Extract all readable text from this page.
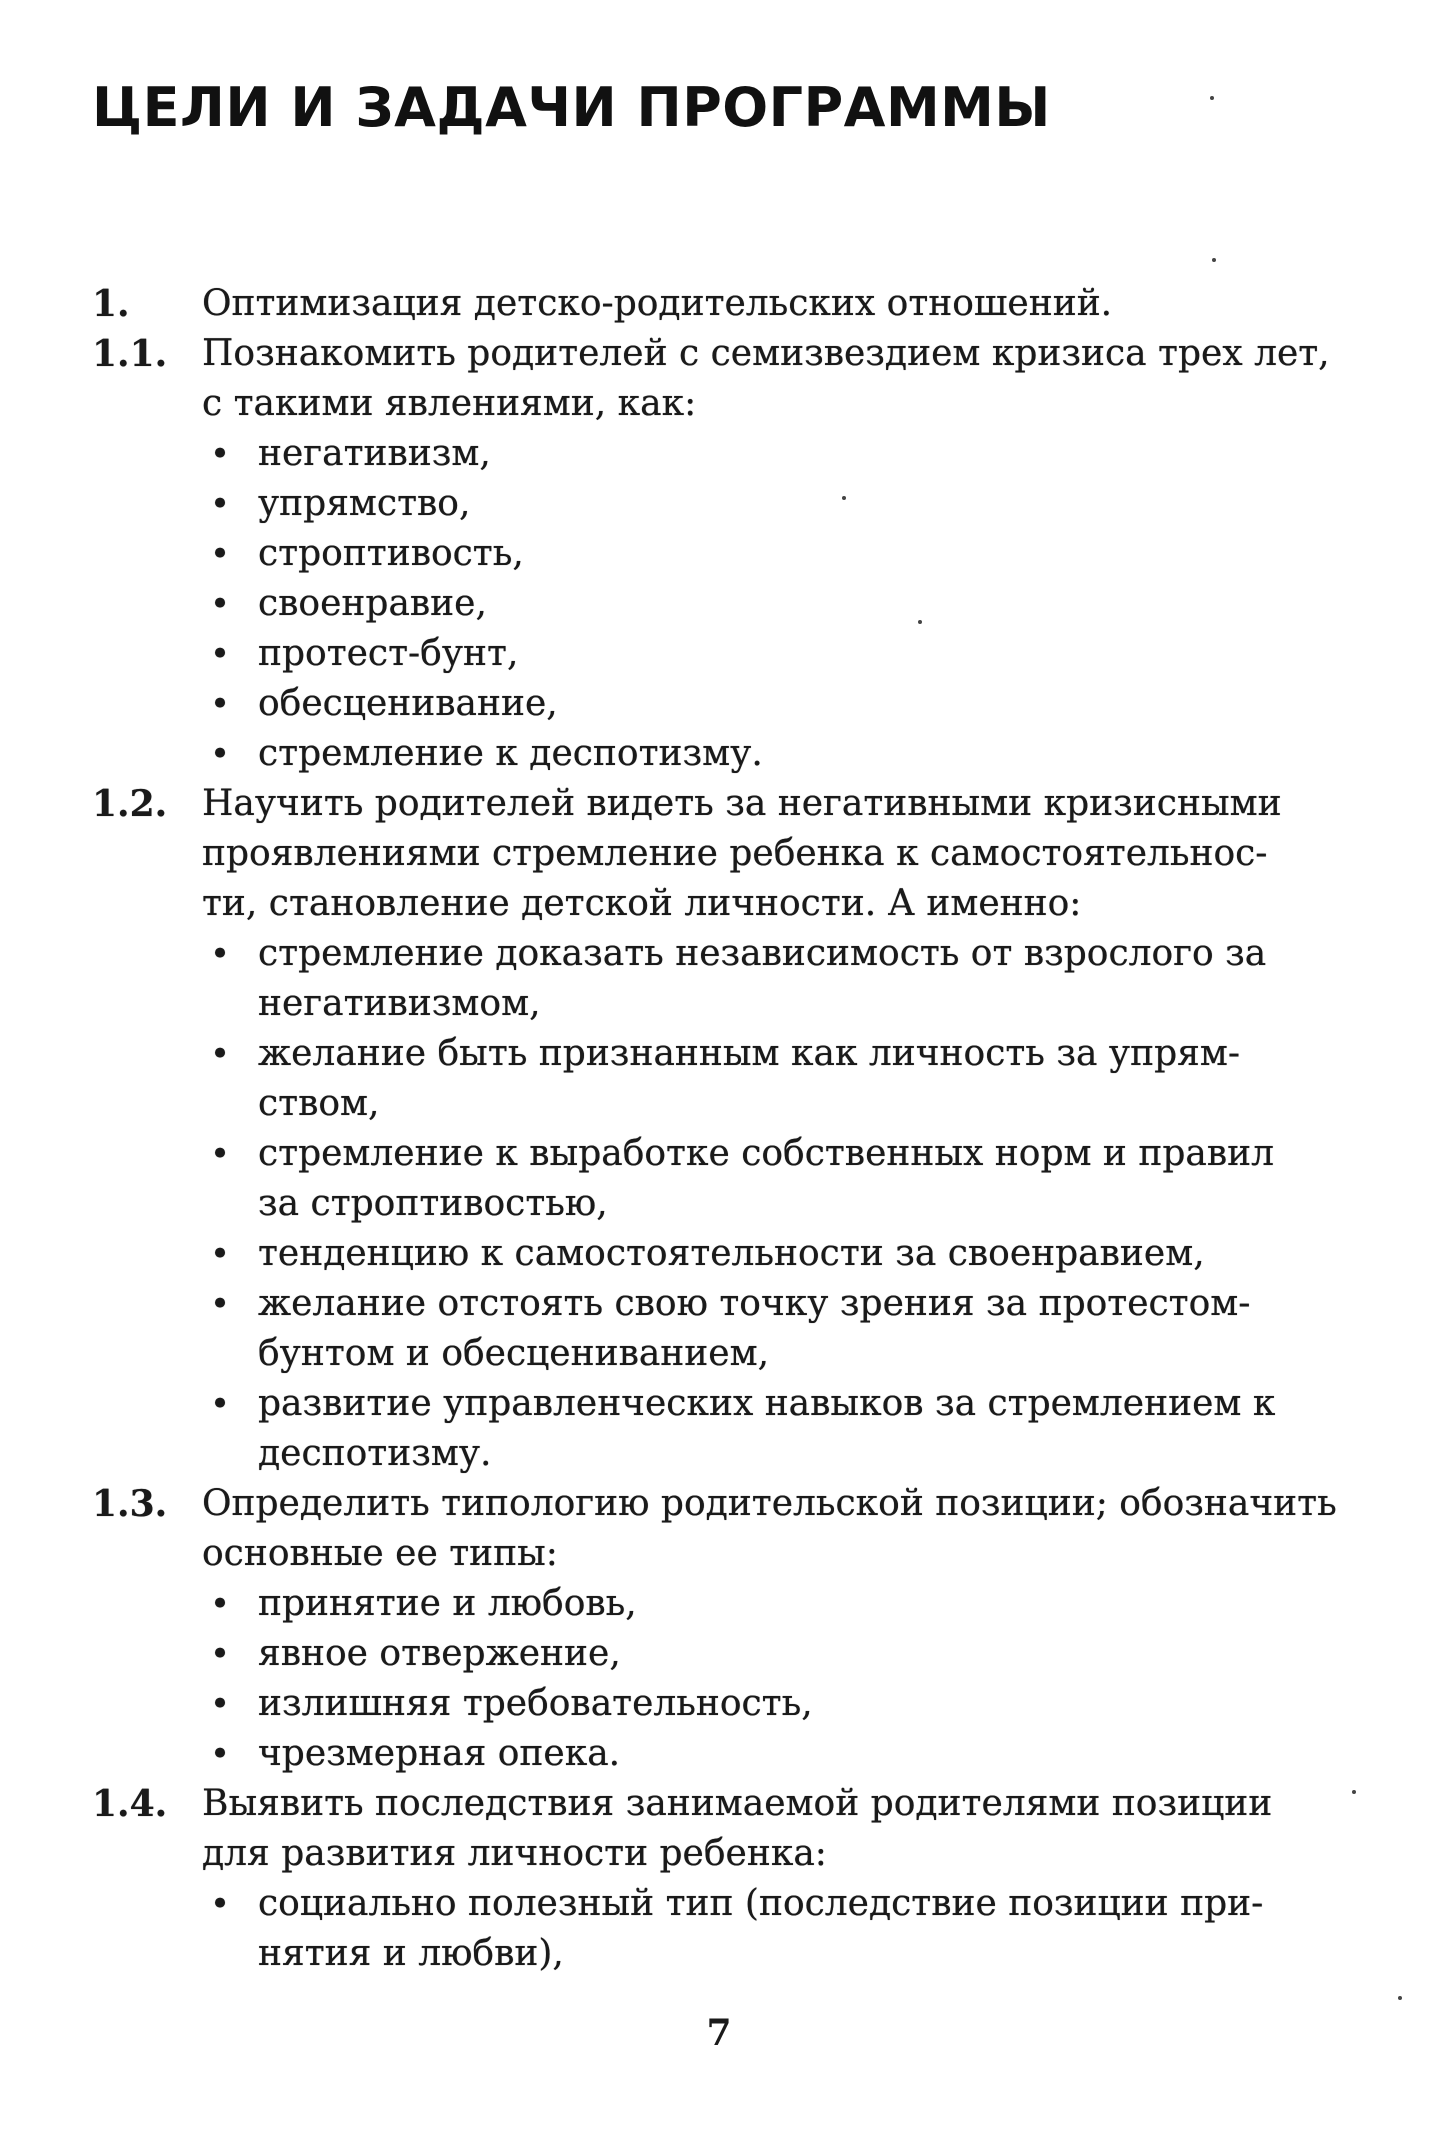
ЦЕЛИ И ЗАДАЧИ ПРОГРАММЫ
1. Оптимизация детско-родительских отношений.
1.1. Познакомить родителей с семизвездием кризиса трех лет,
с такими явлениями, как:
• негативизм,
• упрямство,
• строптивость,
• своенравие,
• протест-бунт,
• обесценивание,
• стремление к деспотизму.
1.2. Научить родителей видеть за негативными кризисными
проявлениями стремление ребенка к самостоятельнос-
ти, становление детской личности. А именно:
• стремление доказать независимость от взрослого за
негативизмом,
• желание быть признанным как личность за упрям-
ством,
• стремление к выработке собственных норм и правил
за строптивостью,
• тенденцию к самостоятельности за своенравием,
• желание отстоять свою точку зрения за протестом-
бунтом и обесцениванием,
• развитие управленческих навыков за стремлением к
деспотизму.
1.3. Определить типологию родительской позиции; обозначить
основные ее типы:
• принятие и любовь,
• явное отвержение,
• излишняя требовательность,
• чрезмерная опека.
1.4. Выявить последствия занимаемой родителями позиции
для развития личности ребенка:
• социально полезный тип (последствие позиции при-
нятия и любви),
7
